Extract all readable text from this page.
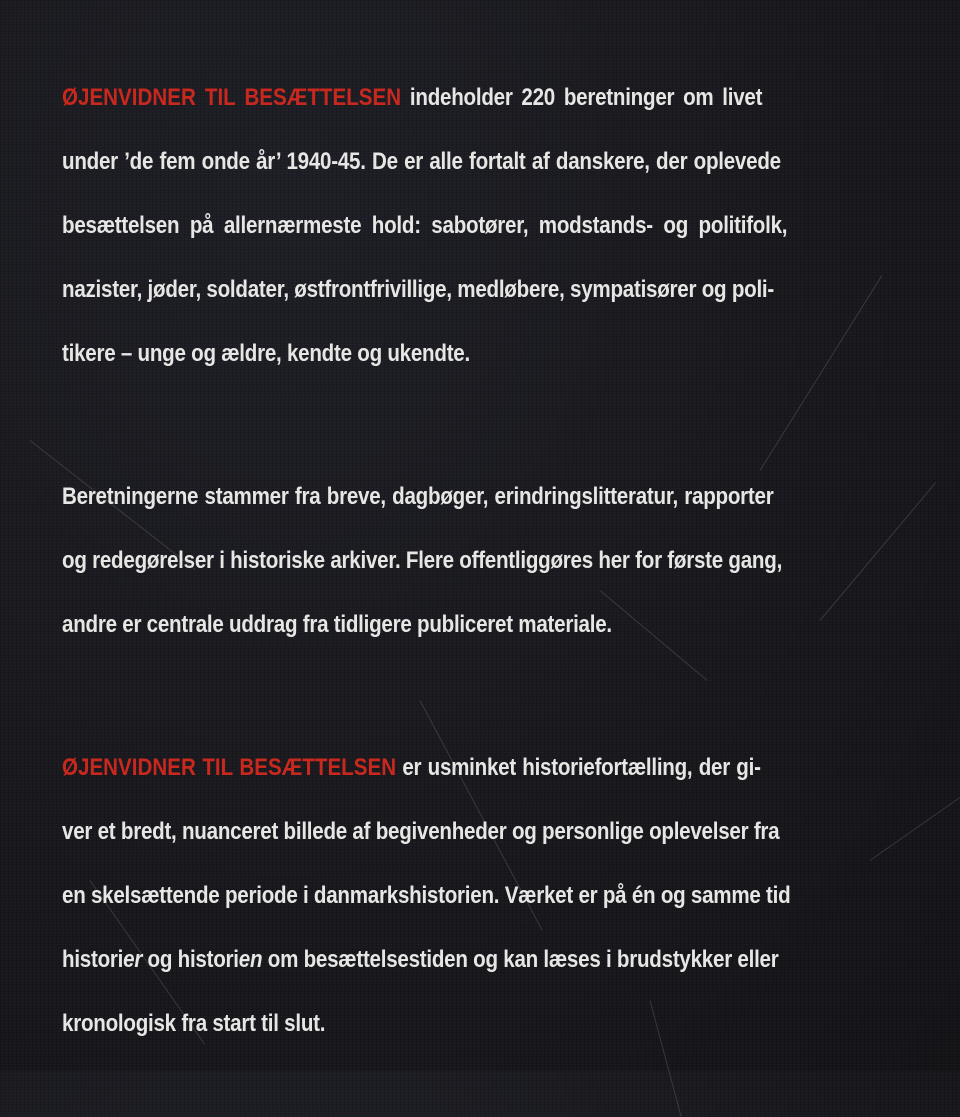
ØJENVIDNER TIL BESÆTTELSEN indeholder 220 beretninger om livet
under ’de fem onde år’ 1940-45. De er alle fortalt af danskere, der oplevede
besættelsen på allernærmeste hold: sabotører, modstands- og politifolk,
nazister, jøder, soldater, østfrontfrivillige, medløbere, sympatisører og poli-
tikere – unge og ældre, kendte og ukendte.
Beretningerne stammer fra breve, dagbøger, erindringslitteratur, rapporter
og redegørelser i historiske arkiver. Flere offentliggøres her for første gang,
andre er centrale uddrag fra tidligere publiceret materiale.
ØJENVIDNER TIL BESÆTTELSEN er usminket historiefortælling, der gi-
ver et bredt, nuanceret billede af begivenheder og personlige oplevelser fra
en skelsættende periode i danmarkshistorien. Værket er på én og samme tid
historier og historien om besættelsestiden og kan læses i brudstykker eller
kronologisk fra start til slut.
